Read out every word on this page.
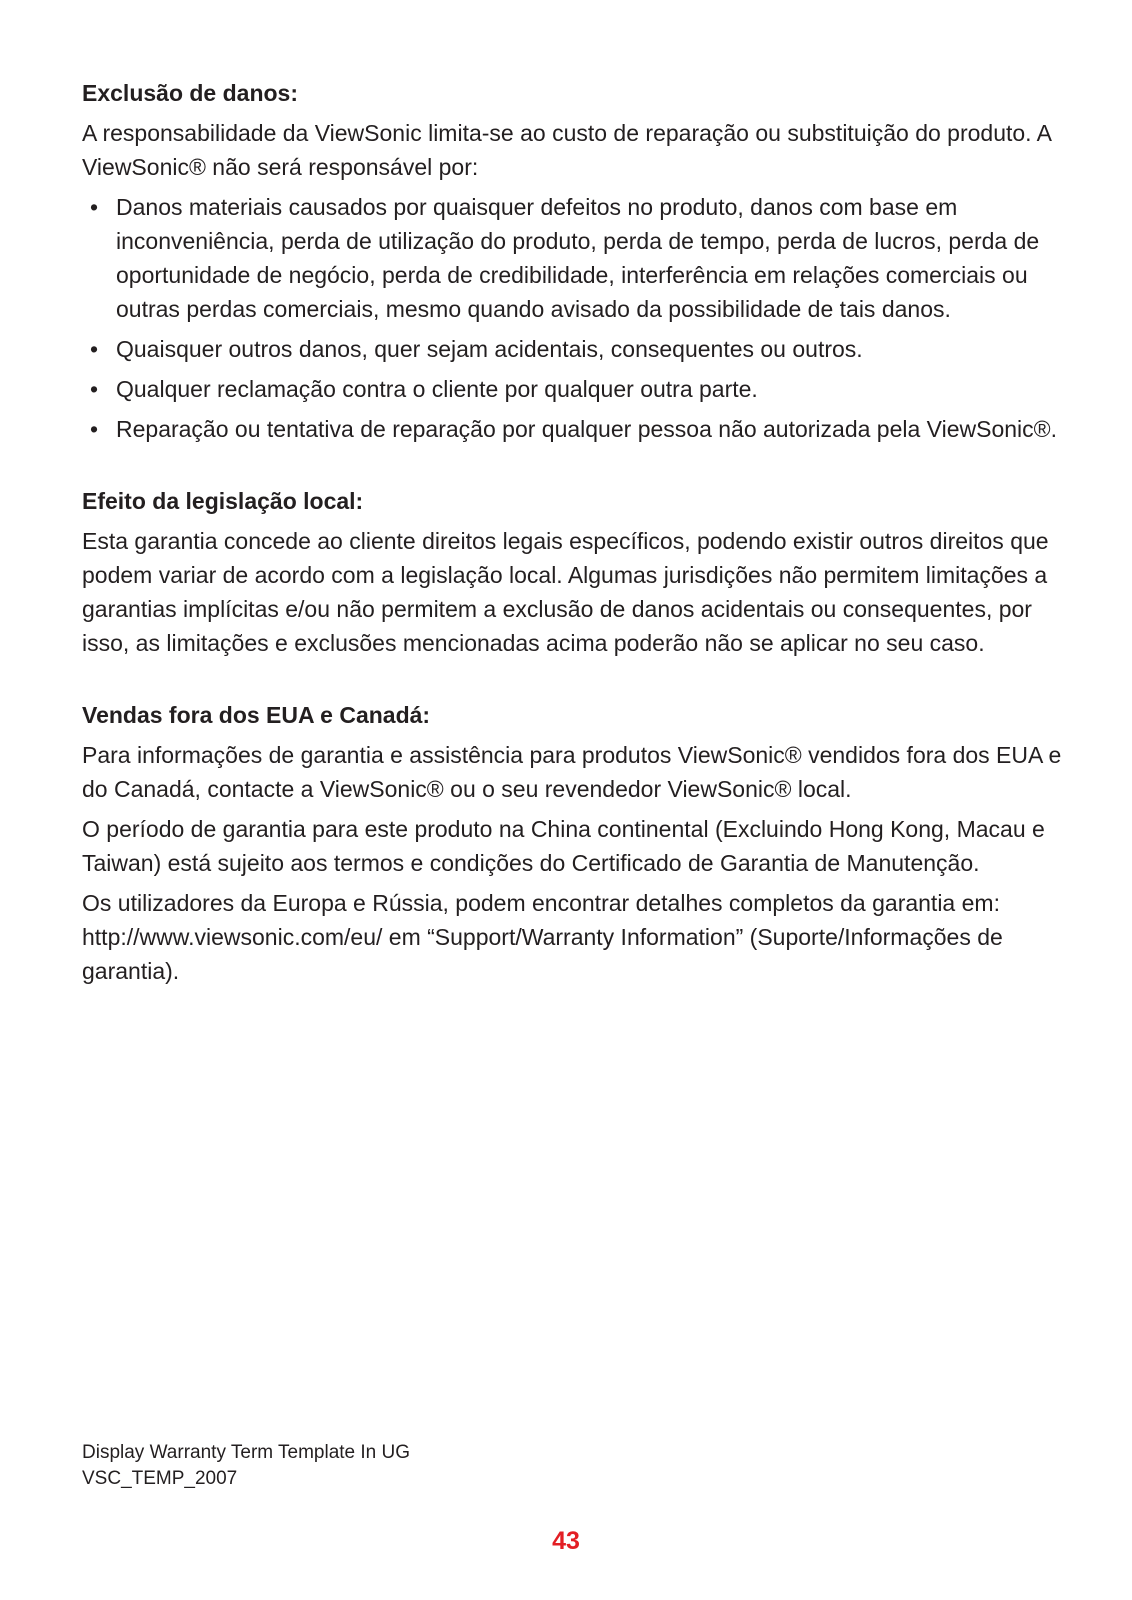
Exclusão de danos:

A responsabilidade da ViewSonic limita-se ao custo de reparação ou substituição do produto. A ViewSonic® não será responsável por:

• Danos materiais causados por quaisquer defeitos no produto, danos com base em inconveniência, perda de utilização do produto, perda de tempo, perda de lucros, perda de oportunidade de negócio, perda de credibilidade, interferência em relações comerciais ou outras perdas comerciais, mesmo quando avisado da possibilidade de tais danos.
• Quaisquer outros danos, quer sejam acidentais, consequentes ou outros.
• Qualquer reclamação contra o cliente por qualquer outra parte.
• Reparação ou tentativa de reparação por qualquer pessoa não autorizada pela ViewSonic®.

Efeito da legislação local:

Esta garantia concede ao cliente direitos legais específicos, podendo existir outros direitos que podem variar de acordo com a legislação local. Algumas jurisdições não permitem limitações a garantias implícitas e/ou não permitem a exclusão de danos acidentais ou consequentes, por isso, as limitações e exclusões mencionadas acima poderão não se aplicar no seu caso.

Vendas fora dos EUA e Canadá:

Para informações de garantia e assistência para produtos ViewSonic® vendidos fora dos EUA e do Canadá, contacte a ViewSonic® ou o seu revendedor ViewSonic® local.

O período de garantia para este produto na China continental (Excluindo Hong Kong, Macau e Taiwan) está sujeito aos termos e condições do Certificado de Garantia de Manutenção.

Os utilizadores da Europa e Rússia, podem encontrar detalhes completos da garantia em: http://www.viewsonic.com/eu/ em “Support/Warranty Information” (Suporte/Informações de garantia).

Display Warranty Term Template In UG
VSC_TEMP_2007
43
